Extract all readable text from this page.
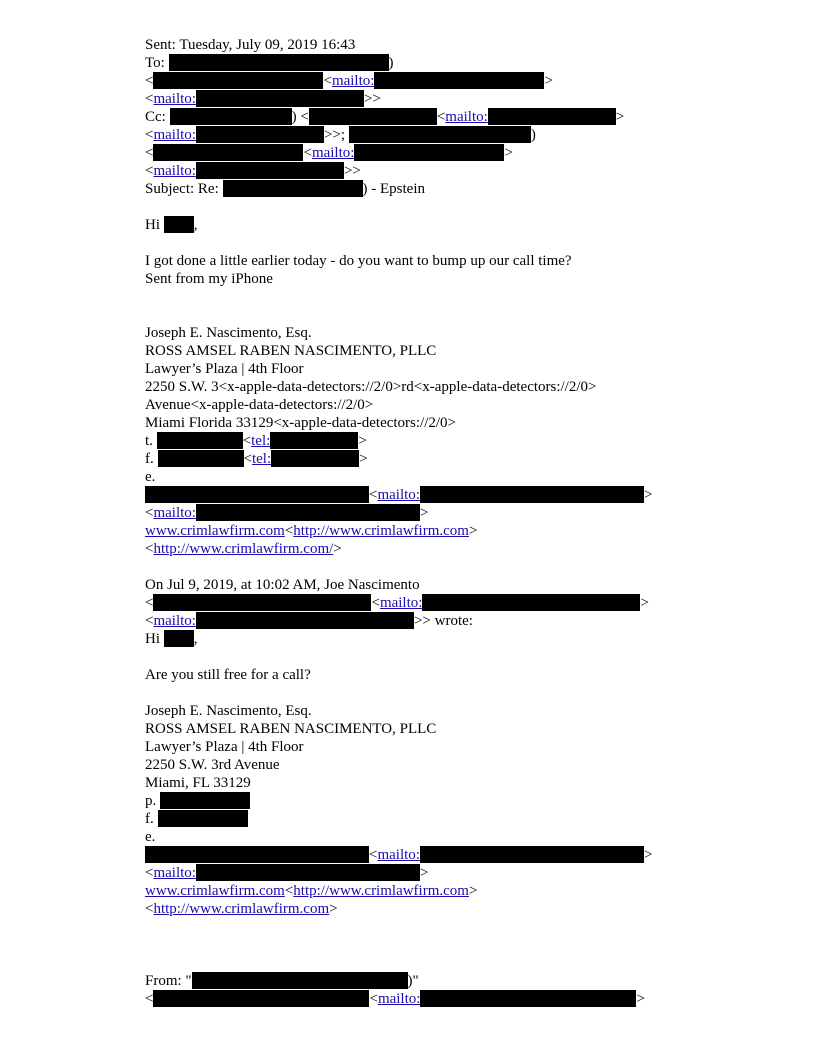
Sent: Tuesday, July 09, 2019 16:43
To:	)
<	<mailto:	>
<mailto:	>>
Cc:	) <	<mailto:	>
<mailto:	>>;	)
<	<mailto:	>
<mailto:	>>
Subject: Re:	) - Epstein
Hi ,
I got done a little earlier today - do you want to bump up our call time?
Sent from my iPhone
Joseph E. Nascimento, Esq.
ROSS AMSEL RABEN NASCIMENTO, PLLC
Lawyer’s Plaza | 4th Floor
2250 S.W. 3<x-apple-data-detectors://2/0>rd<x-apple-data-detectors://2/0>
Avenue<x-apple-data-detectors://2/0>
Miami Florida 33129<x-apple-data-detectors://2/0>
t.	<tel:	>
f.	<tel:	>
e.
<mailto:	>
<mailto:	>
www.crimlawfirm.com<http://www.crimlawfirm.com>
<http://www.crimlawfirm.com/>
On Jul 9, 2019, at 10:02 AM, Joe Nascimento
<	<mailto:	>
<mailto:	>> wrote:
Hi ,
Are you still free for a call?
Joseph E. Nascimento, Esq.
ROSS AMSEL RABEN NASCIMENTO, PLLC
Lawyer’s Plaza | 4th Floor
2250 S.W. 3rd Avenue
Miami, FL 33129
p.
f.
e.
<mailto:	>
<mailto:	>
www.crimlawfirm.com<http://www.crimlawfirm.com>
<http://www.crimlawfirm.com>
From: "	)"
<	<mailto:	>
